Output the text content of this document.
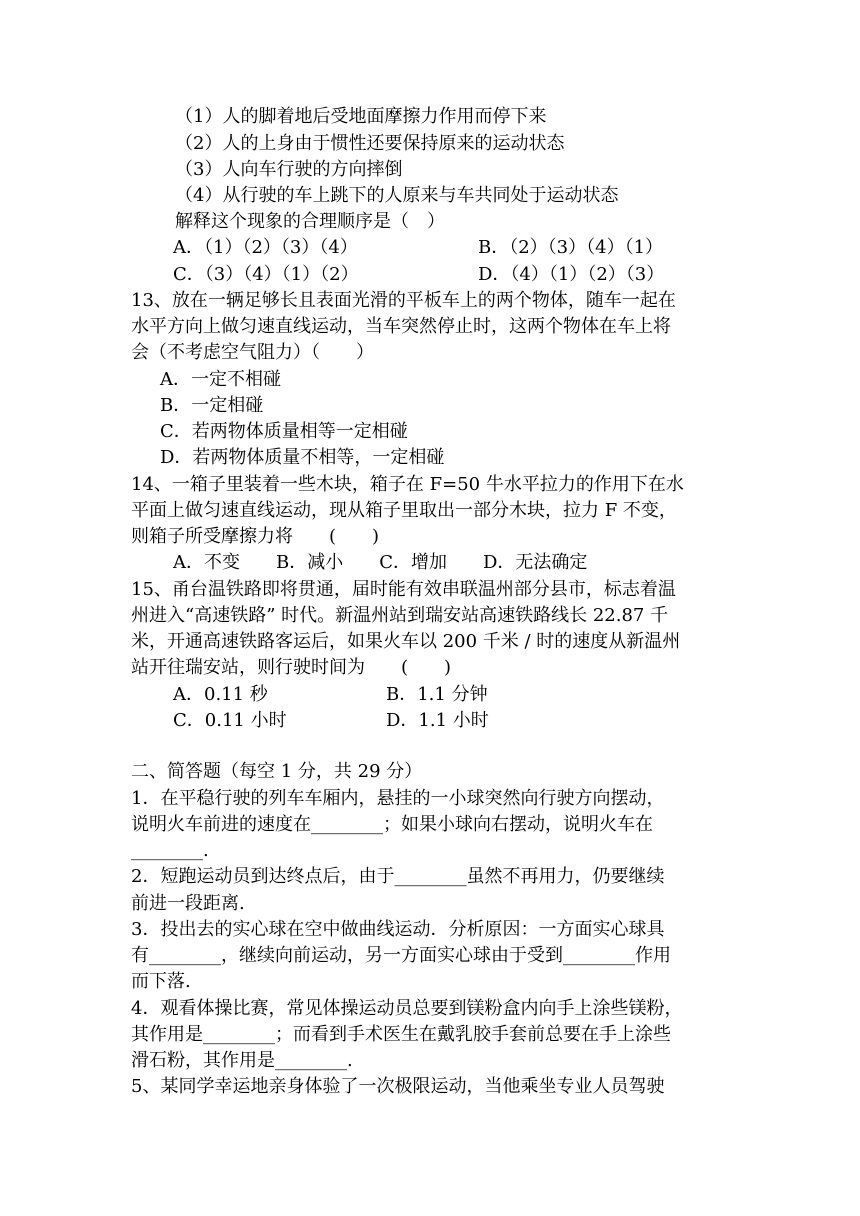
（1）人的脚着地后受地面摩擦力作用而停下来
（2）人的上身由于惯性还要保持原来的运动状态
（3）人向车行驶的方向摔倒
（4）从行驶的车上跳下的人原来与车共同处于运动状态
解释这个现象的合理顺序是（　）
A．（1）（2）（3）（4）	B．（2）（3）（4）（1）
C．（3）（4）（1）（2）	D．（4）（1）（2）（3）
13、放在一辆足够长且表面光滑的平板车上的两个物体，随车一起在
水平方向上做匀速直线运动，当车突然停止时，这两个物体在车上将
会（不考虑空气阻力）（　　）
A．一定不相碰
B．一定相碰
C．若两物体质量相等一定相碰
D．若两物体质量不相等，一定相碰
14、一箱子里装着一些木块，箱子在 F=50 牛水平拉力的作用下在水
平面上做匀速直线运动，现从箱子里取出一部分木块，拉力 F 不变，
则箱子所受摩擦力将　　(　　)
A．不变　　B．减小　　C．增加　　D．无法确定
15、甬台温铁路即将贯通，届时能有效串联温州部分县市，标志着温
州进入“高速铁路” 时代。新温州站到瑞安站高速铁路线长 22.87 千
米，开通高速铁路客运后，如果火车以 200 千米 / 时的速度从新温州
站开往瑞安站，则行驶时间为　　(　　)
A．0.11 秒	B．1.1 分钟
C．0.11 小时	D．1.1 小时
二、简答题（每空 1 分，共 29 分）
1．在平稳行驶的列车车厢内，悬挂的一小球突然向行驶方向摆动，
说明火车前进的速度在________；如果小球向右摆动，说明火车在
________.
2．短跑运动员到达终点后，由于________虽然不再用力，仍要继续
前进一段距离.
3．投出去的实心球在空中做曲线运动．分析原因：一方面实心球具
有________，继续向前运动，另一方面实心球由于受到________作用
而下落.
4．观看体操比赛，常见体操运动员总要到镁粉盒内向手上涂些镁粉，
其作用是________；而看到手术医生在戴乳胶手套前总要在手上涂些
滑石粉，其作用是________.
5、某同学幸运地亲身体验了一次极限运动，当他乘坐专业人员驾驶
